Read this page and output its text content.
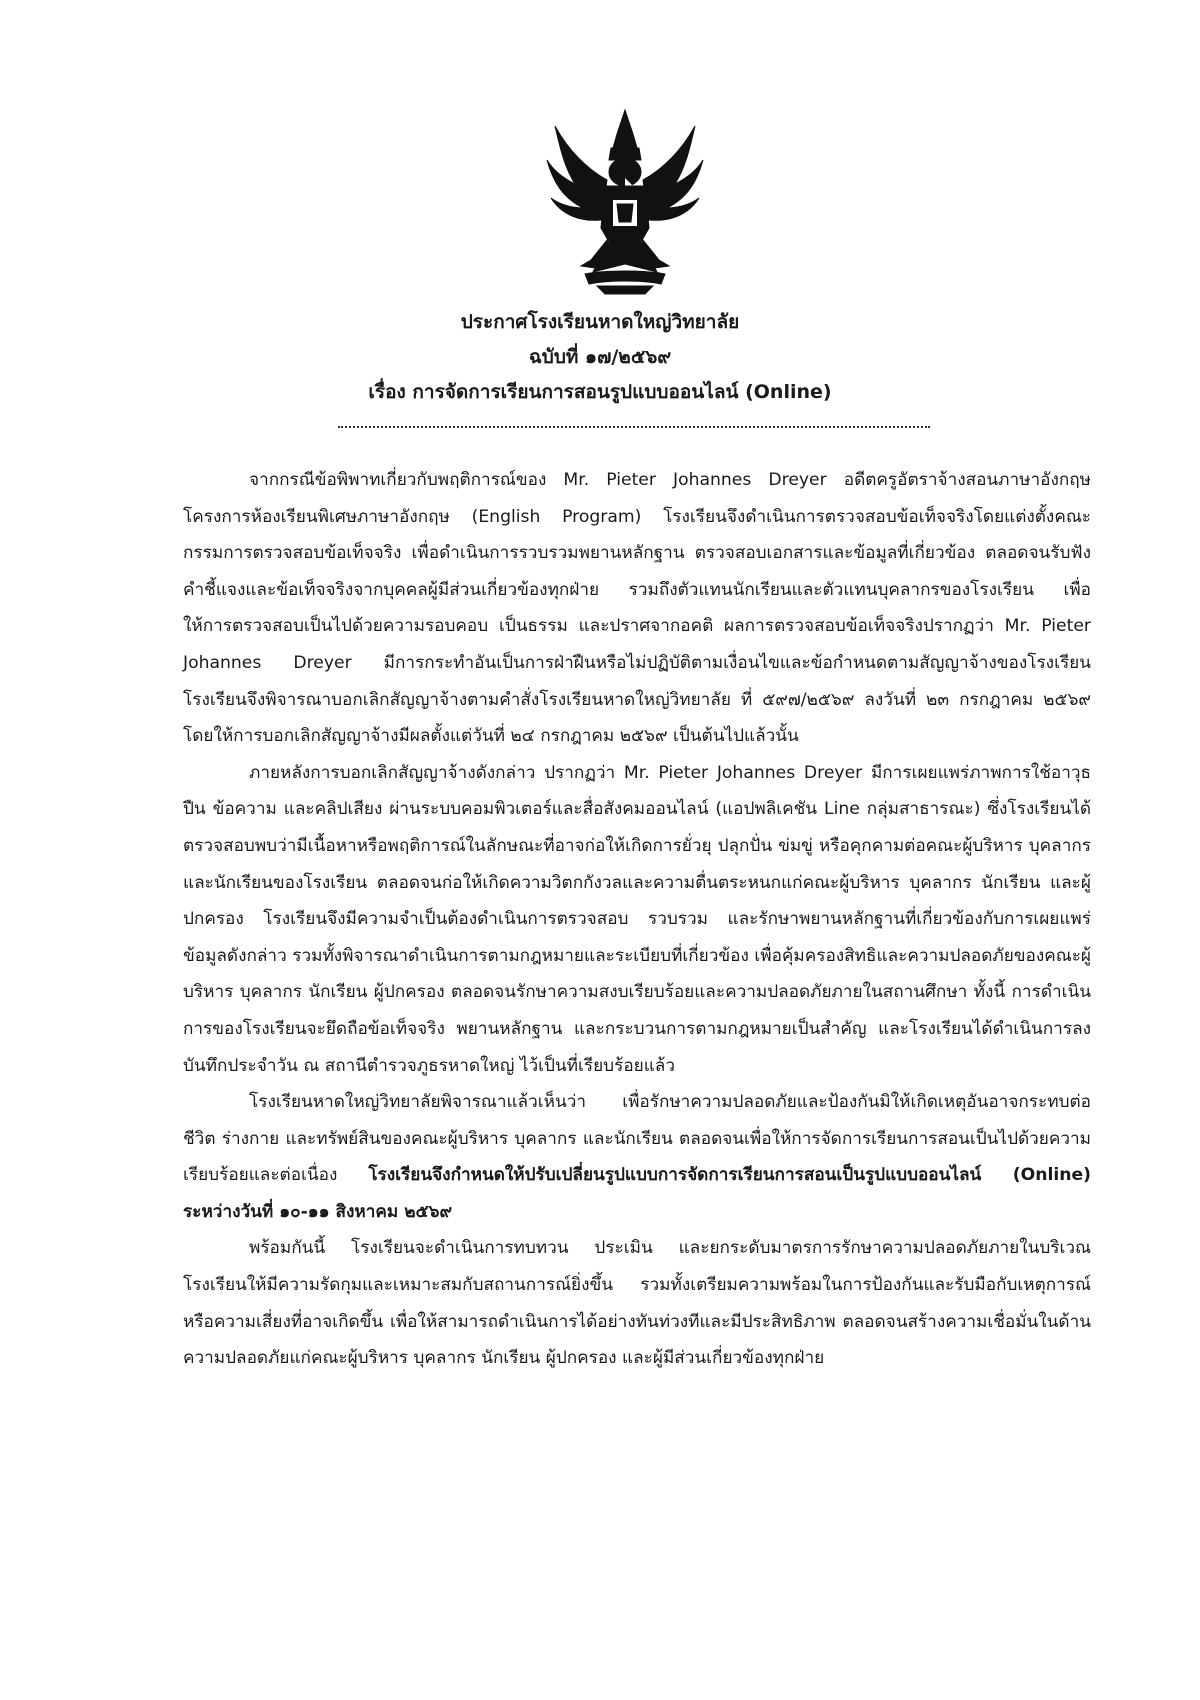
ประกาศโรงเรียนหาดใหญ่วิทยาลัย
ฉบับที่ ๑๗/๒๕๖๙
เรื่อง การจัดการเรียนการสอนรูปแบบออนไลน์ (Online)

จากกรณีข้อพิพาทเกี่ยวกับพฤติการณ์ของ Mr. Pieter Johannes Dreyer อดีตครูอัตราจ้างสอนภาษาอังกฤษ โครงการห้องเรียนพิเศษภาษาอังกฤษ (English Program) โรงเรียนจึงดำเนินการตรวจสอบข้อเท็จจริงโดยแต่งตั้งคณะกรรมการตรวจสอบข้อเท็จจริง เพื่อดำเนินการรวบรวมพยานหลักฐาน ตรวจสอบเอกสารและข้อมูลที่เกี่ยวข้อง ตลอดจนรับฟังคำชี้แจงและข้อเท็จจริงจากบุคคลผู้มีส่วนเกี่ยวข้องทุกฝ่าย รวมถึงตัวแทนนักเรียนและตัวแทนบุคลากรของโรงเรียน เพื่อให้การตรวจสอบเป็นไปด้วยความรอบคอบ เป็นธรรม และปราศจากอคติ ผลการตรวจสอบข้อเท็จจริงปรากฏว่า Mr. Pieter Johannes Dreyer มีการกระทำอันเป็นการฝ่าฝืนหรือไม่ปฏิบัติตามเงื่อนไขและข้อกำหนดตามสัญญาจ้างของโรงเรียน โรงเรียนจึงพิจารณาบอกเลิกสัญญาจ้างตามคำสั่งโรงเรียนหาดใหญ่วิทยาลัย ที่ ๕๙๗/๒๕๖๙ ลงวันที่ ๒๓ กรกฎาคม ๒๕๖๙ โดยให้การบอกเลิกสัญญาจ้างมีผลตั้งแต่วันที่ ๒๔ กรกฎาคม ๒๕๖๙ เป็นต้นไปแล้วนั้น

ภายหลังการบอกเลิกสัญญาจ้างดังกล่าว ปรากฏว่า Mr. Pieter Johannes Dreyer มีการเผยแพร่ภาพการใช้อาวุธปืน ข้อความ และคลิปเสียง ผ่านระบบคอมพิวเตอร์และสื่อสังคมออนไลน์ (แอปพลิเคชัน Line กลุ่มสาธารณะ) ซึ่งโรงเรียนได้ตรวจสอบพบว่ามีเนื้อหาหรือพฤติการณ์ในลักษณะที่อาจก่อให้เกิดการยั่วยุ ปลุกปั่น ข่มขู่ หรือคุกคามต่อคณะผู้บริหาร บุคลากร และนักเรียนของโรงเรียน ตลอดจนก่อให้เกิดความวิตกกังวลและความตื่นตระหนกแก่คณะผู้บริหาร บุคลากร นักเรียน และผู้ปกครอง โรงเรียนจึงมีความจำเป็นต้องดำเนินการตรวจสอบ รวบรวม และรักษาพยานหลักฐานที่เกี่ยวข้องกับการเผยแพร่ข้อมูลดังกล่าว รวมทั้งพิจารณาดำเนินการตามกฎหมายและระเบียบที่เกี่ยวข้อง เพื่อคุ้มครองสิทธิและความปลอดภัยของคณะผู้บริหาร บุคลากร นักเรียน ผู้ปกครอง ตลอดจนรักษาความสงบเรียบร้อยและความปลอดภัยภายในสถานศึกษา ทั้งนี้ การดำเนินการของโรงเรียนจะยึดถือข้อเท็จจริง พยานหลักฐาน และกระบวนการตามกฎหมายเป็นสำคัญ และโรงเรียนได้ดำเนินการลงบันทึกประจำวัน ณ สถานีตำรวจภูธรหาดใหญ่ ไว้เป็นที่เรียบร้อยแล้ว

โรงเรียนหาดใหญ่วิทยาลัยพิจารณาแล้วเห็นว่า เพื่อรักษาความปลอดภัยและป้องกันมิให้เกิดเหตุอันอาจกระทบต่อชีวิต ร่างกาย และทรัพย์สินของคณะผู้บริหาร บุคลากร และนักเรียน ตลอดจนเพื่อให้การจัดการเรียนการสอนเป็นไปด้วยความเรียบร้อยและต่อเนื่อง โรงเรียนจึงกำหนดให้ปรับเปลี่ยนรูปแบบการจัดการเรียนการสอนเป็นรูปแบบออนไลน์ (Online) ระหว่างวันที่ ๑๐-๑๑ สิงหาคม ๒๕๖๙

พร้อมกันนี้ โรงเรียนจะดำเนินการทบทวน ประเมิน และยกระดับมาตรการรักษาความปลอดภัยภายในบริเวณโรงเรียนให้มีความรัดกุมและเหมาะสมกับสถานการณ์ยิ่งขึ้น รวมทั้งเตรียมความพร้อมในการป้องกันและรับมือกับเหตุการณ์หรือความเสี่ยงที่อาจเกิดขึ้น เพื่อให้สามารถดำเนินการได้อย่างทันท่วงทีและมีประสิทธิภาพ ตลอดจนสร้างความเชื่อมั่นในด้านความปลอดภัยแก่คณะผู้บริหาร บุคลากร นักเรียน ผู้ปกครอง และผู้มีส่วนเกี่ยวข้องทุกฝ่าย
